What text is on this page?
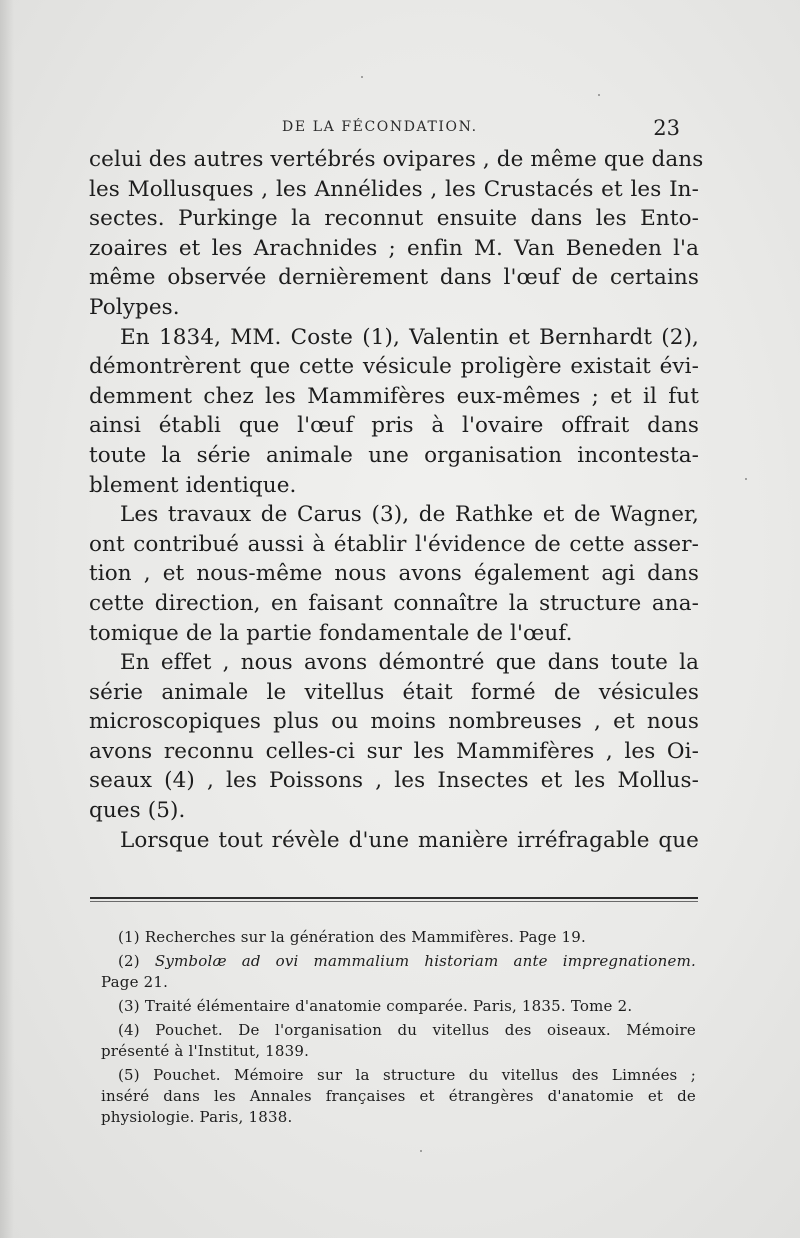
DE LA FÉCONDATION.	23
celui des autres vertébrés ovipares , de même que dans
les Mollusques , les Annélides , les Crustacés et les In-
sectes. Purkinge la reconnut ensuite dans les Ento-
zoaires et les Arachnides ; enfin M. Van Beneden l'a
même observée dernièrement dans l'œuf de certains
Polypes.
En 1834, MM. Coste (1), Valentin et Bernhardt (2),
démontrèrent que cette vésicule proligère existait évi-
demment chez les Mammifères eux-mêmes ; et il fut
ainsi établi que l'œuf pris à l'ovaire offrait dans
toute la série animale une organisation incontesta-
blement identique.
Les travaux de Carus (3), de Rathke et de Wagner,
ont contribué aussi à établir l'évidence de cette asser-
tion , et nous-même nous avons également agi dans
cette direction, en faisant connaître la structure ana-
tomique de la partie fondamentale de l'œuf.
En effet , nous avons démontré que dans toute la
série animale le vitellus était formé de vésicules
microscopiques plus ou moins nombreuses , et nous
avons reconnu celles-ci sur les Mammifères , les Oi-
seaux (4) , les Poissons , les Insectes et les Mollus-
ques (5).
Lorsque tout révèle d'une manière irréfragable que
(1) Recherches sur la génération des Mammifères. Page 19.
(2) Symbolæ ad ovi mammalium historiam ante impregnationem.
Page 21.
(3) Traité élémentaire d'anatomie comparée. Paris, 1835. Tome 2.
(4) Pouchet. De l'organisation du vitellus des oiseaux. Mémoire
présenté à l'Institut, 1839.
(5) Pouchet. Mémoire sur la structure du vitellus des Limnées ;
inséré dans les Annales françaises et étrangères d'anatomie et de
physiologie. Paris, 1838.
